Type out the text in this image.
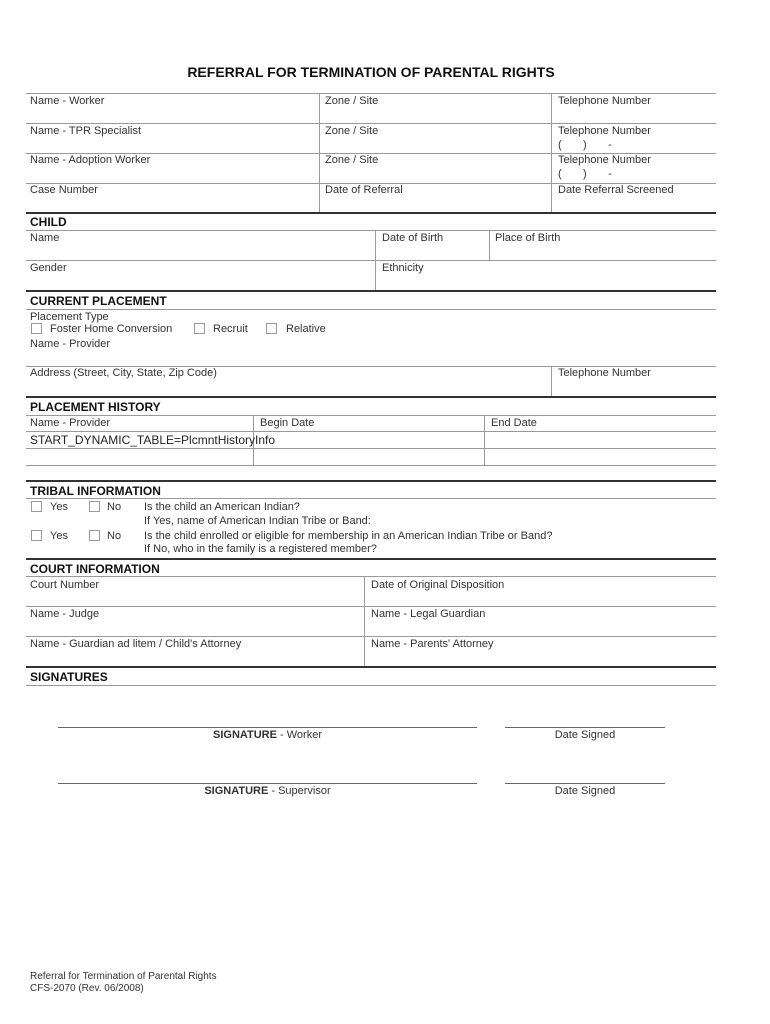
REFERRAL FOR TERMINATION OF PARENTAL RIGHTS
Name - Worker	Zone / Site	Telephone Number
Name - TPR Specialist	Zone / Site	Telephone Number
(       )       -
Name - Adoption Worker	Zone / Site	Telephone Number
(       )       -
Case Number	Date of Referral	Date Referral Screened
CHILD
Name	Date of Birth	Place of Birth
Gender	Ethnicity
CURRENT PLACEMENT
Placement Type
Foster Home Conversion	Recruit	Relative
Name - Provider
Address (Street, City, State, Zip Code)	Telephone Number
PLACEMENT HISTORY
Name - Provider	Begin Date	End Date
START_DYNAMIC_TABLE=PlcmntHistoryInfo
TRIBAL INFORMATION
Yes	No Is the child an American Indian?
If Yes, name of American Indian Tribe or Band:
Yes	No Is the child enrolled or eligible for membership in an American Indian Tribe or Band?
If No, who in the family is a registered member?
COURT INFORMATION
Court Number	Date of Original Disposition
Name - Judge	Name - Legal Guardian
Name - Guardian ad litem / Child's Attorney	Name - Parents' Attorney
SIGNATURES
SIGNATURE - Worker	Date Signed
SIGNATURE - Supervisor	Date Signed
Referral for Termination of Parental Rights
CFS-2070 (Rev. 06/2008)
